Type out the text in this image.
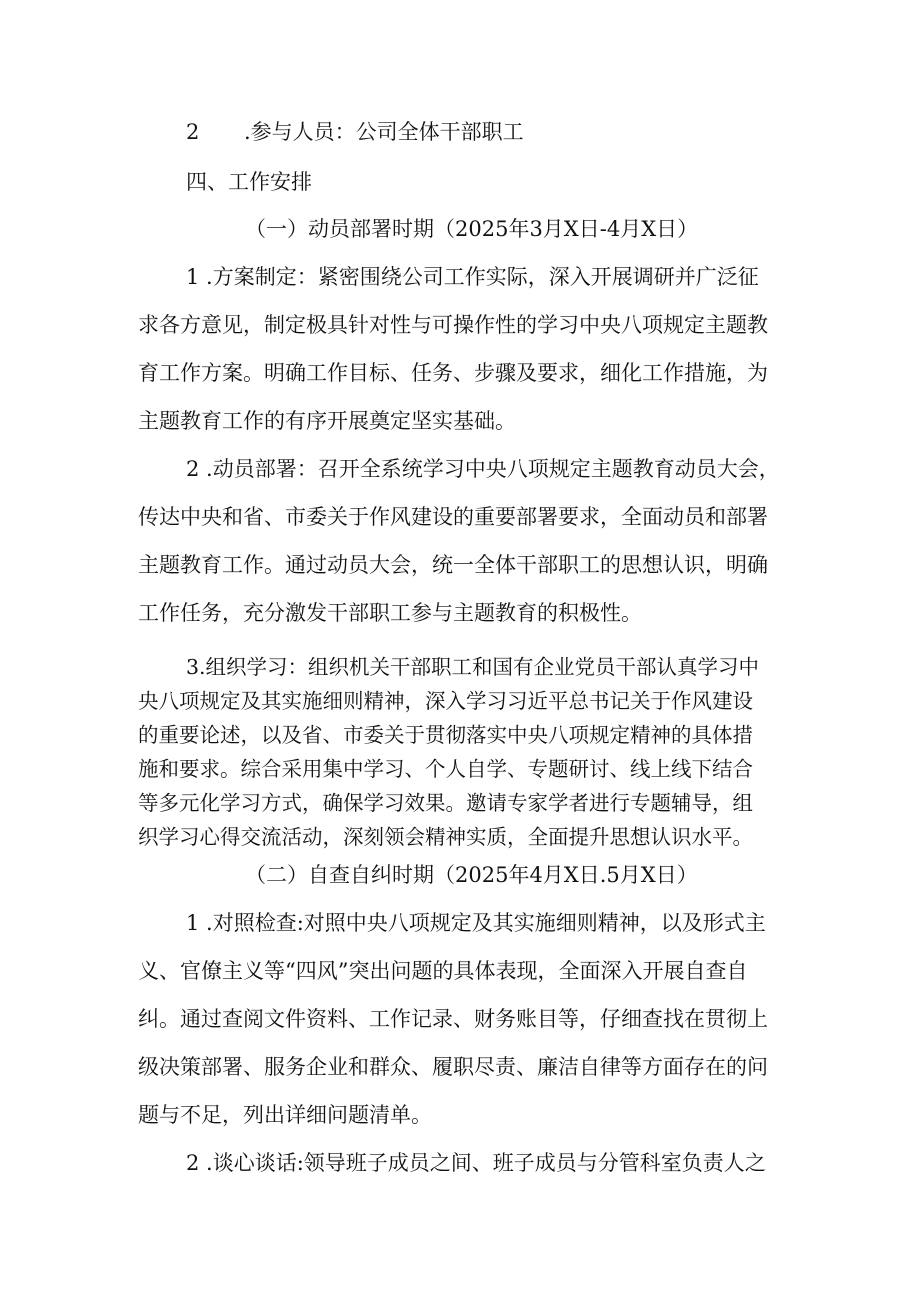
2 .参与人员：公司全体干部职工
四、工作安排
（一）动员部署时期（2025年3月X日-4月X日）
1 .方案制定：紧密围绕公司工作实际，深入开展调研并广泛征
求各方意见，制定极具针对性与可操作性的学习中央八项规定主题教
育工作方案。明确工作目标、任务、步骤及要求，细化工作措施，为
主题教育工作的有序开展奠定坚实基础。
2 .动员部署：召开全系统学习中央八项规定主题教育动员大会，
传达中央和省、市委关于作风建设的重要部署要求，全面动员和部署
主题教育工作。通过动员大会，统一全体干部职工的思想认识，明确
工作任务，充分激发干部职工参与主题教育的积极性。
3.组织学习：组织机关干部职工和国有企业党员干部认真学习中
央八项规定及其实施细则精神，深入学习习近平总书记关于作风建设
的重要论述，以及省、市委关于贯彻落实中央八项规定精神的具体措
施和要求。综合采用集中学习、个人自学、专题研讨、线上线下结合
等多元化学习方式，确保学习效果。邀请专家学者进行专题辅导，组
织学习心得交流活动，深刻领会精神实质，全面提升思想认识水平。
（二）自查自纠时期（2025年4月X日.5月X日）
1 .对照检查:对照中央八项规定及其实施细则精神，以及形式主
义、官僚主义等“四风”突出问题的具体表现，全面深入开展自查自
纠。通过查阅文件资料、工作记录、财务账目等，仔细查找在贯彻上
级决策部署、服务企业和群众、履职尽责、廉洁自律等方面存在的问
题与不足，列出详细问题清单。
2 .谈心谈话:领导班子成员之间、班子成员与分管科室负责人之
